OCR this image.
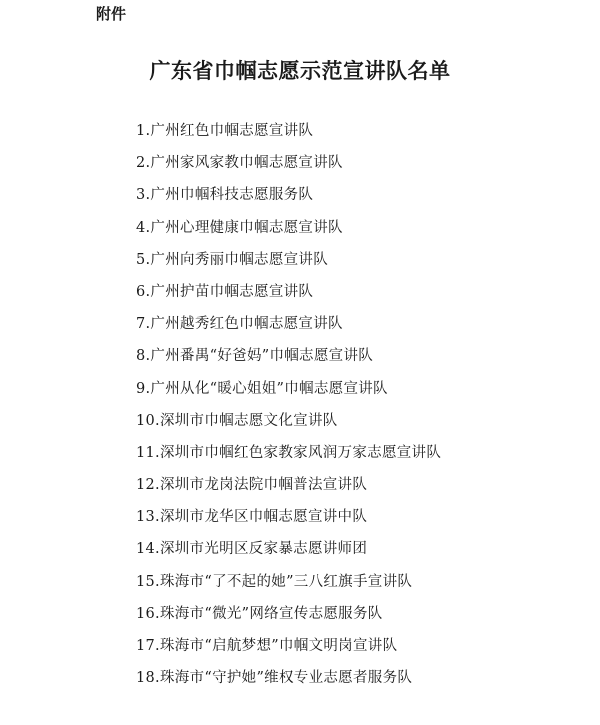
附件
广东省巾帼志愿示范宣讲队名单
1.广州红色巾帼志愿宣讲队
2.广州家风家教巾帼志愿宣讲队
3.广州巾帼科技志愿服务队
4.广州心理健康巾帼志愿宣讲队
5.广州向秀丽巾帼志愿宣讲队
6.广州护苗巾帼志愿宣讲队
7.广州越秀红色巾帼志愿宣讲队
8.广州番禺“好爸妈”巾帼志愿宣讲队
9.广州从化“暖心姐姐”巾帼志愿宣讲队
10.深圳市巾帼志愿文化宣讲队
11.深圳市巾帼红色家教家风润万家志愿宣讲队
12.深圳市龙岗法院巾帼普法宣讲队
13.深圳市龙华区巾帼志愿宣讲中队
14.深圳市光明区反家暴志愿讲师团
15.珠海市“了不起的她”三八红旗手宣讲队
16.珠海市“微光”网络宣传志愿服务队
17.珠海市“启航梦想”巾帼文明岗宣讲队
18.珠海市“守护她”维权专业志愿者服务队
